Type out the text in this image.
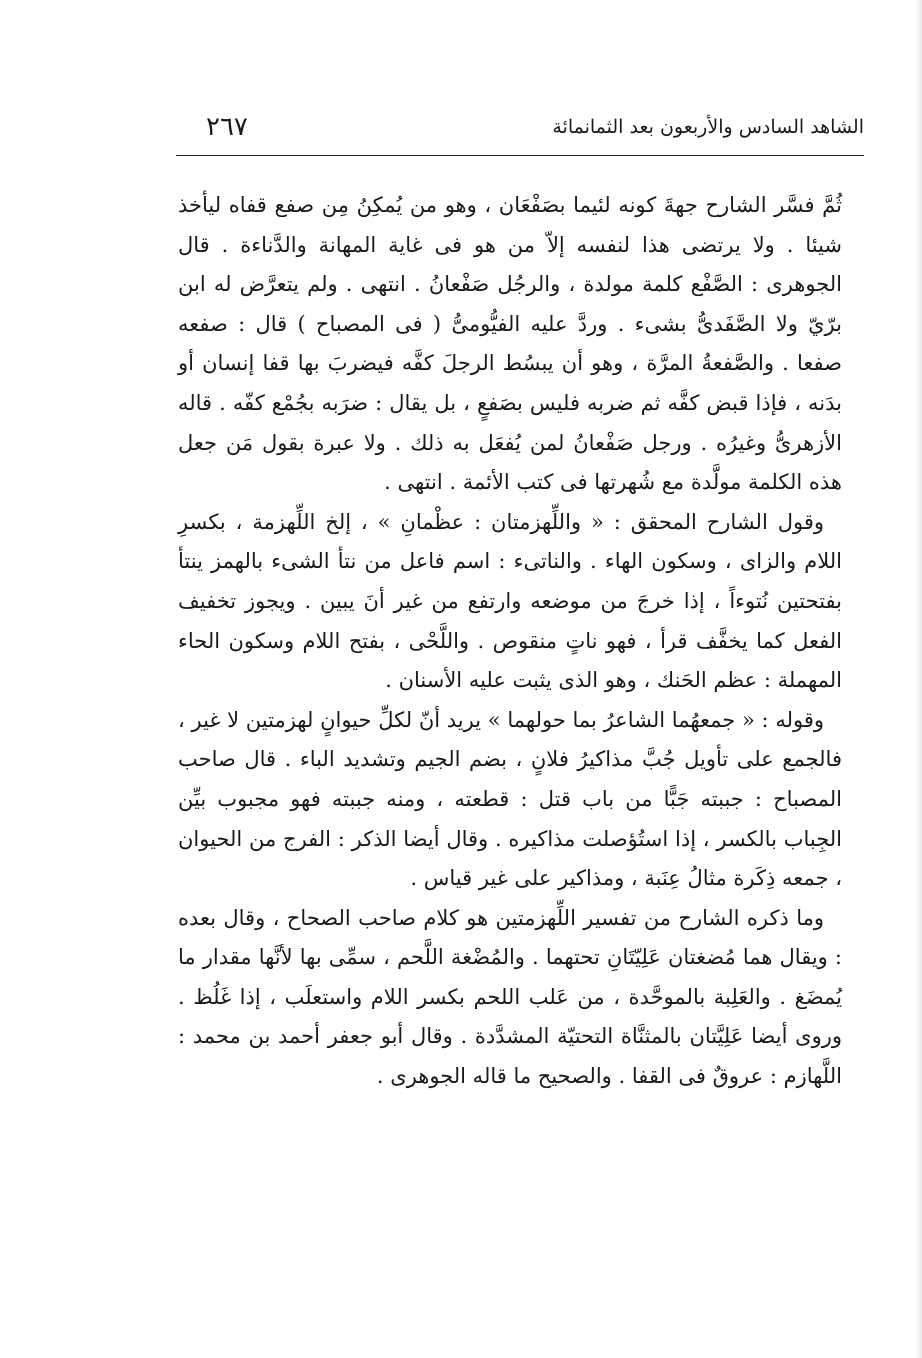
الشاهد السادس والأربعون بعد الثمانمائة
٢٦٧

ثُمَّ فسَّر الشارح جهةَ كونه لئيما بصَفْعَان ، وهو من يُمكِنُ مِن صفع قفاه ليأخذ شيئا . ولا يرتضى هذا لنفسه إلاّ من هو فى غاية المهانة والدَّناءة . قال الجوهرى : الصَّفْع كلمة مولدة ، والرجُل صَفْعانُ . انتهى . ولم يتعرَّض له ابن برّيّ ولا الصَّفَدىُّ بشىء . وردَّ عليه الفيُّومىُّ ( فى المصباح ) قال : صفعه صفعا . والصَّفعةُ المرَّة ، وهو أن يبسُط الرجلَ كفَّه فيضربَ بها قفا إنسان أو بدَنه ، فإذا قبض كفَّه ثم ضربه فليس بصَفعٍ ، بل يقال : ضرَبه بجُمْع كفّه . قاله الأزهرىُّ وغيرُه . ورجل صَفْعانُ لمن يُفعَل به ذلك . ولا عبرة بقول مَن جعل هذه الكلمة مولَّدة مع شُهرتها فى كتب الأئمة . انتهى .

وقول الشارح المحقق : « واللِّهزمتان : عظْمانِ » ، إلخ اللِّهزمة ، بكسرِ اللام والزاى ، وسكون الهاء . والناتىء : اسم فاعل من نتأ الشىء بالهمز ينتأ بفتحتين نُتوءاً ، إذا خرجَ من موضعه وارتفع من غير أنَ يبين . ويجوز تخفيف الفعل كما يخفَّف قرأ ، فهو ناتٍ منقوص . واللَّحْى ، بفتح اللام وسكون الحاء المهملة : عظم الحَنك ، وهو الذى يثبت عليه الأسنان .

وقوله : « جمعهُما الشاعرُ بما حولهما » يريد أنّ لكلِّ حيوانٍ لهزمتين لا غير ، فالجمع على تأويل جُبَّ مذاكيرُ فلانٍ ، بضم الجيم وتشديد الباء . قال صاحب المصباح : جببته جَبًّا من باب قتل : قطعته ، ومنه جببته فهو مجبوب بيِّن الجِباب بالكسر ، إذا استُؤصلت مذاكيره . وقال أيضا الذكر : الفرج من الحيوان ، جمعه ذِكَرة مثالُ عِنَبة ، ومذاكير على غير قياس .

وما ذكره الشارح من تفسير اللِّهزمتين هو كلام صاحب الصحاح ، وقال بعده : ويقال هما مُضغتان عَلِيّتَانِ تحتهما . والمُضْغة اللَّحم ، سمِّى بها لأنَّها مقدار ما يُمضَغ . والعَلِبة بالموحَّدة ، من عَلب اللحم بكسر اللام واستعلَب ، إذا غَلُظ . وروى أيضا عَلِيَّتان بالمثنَّاة التحتيّة المشدَّدة . وقال أبو جعفر أحمد بن محمد : اللَّهازم : عروقٌ فى القفا . والصحيح ما قاله الجوهرى .
